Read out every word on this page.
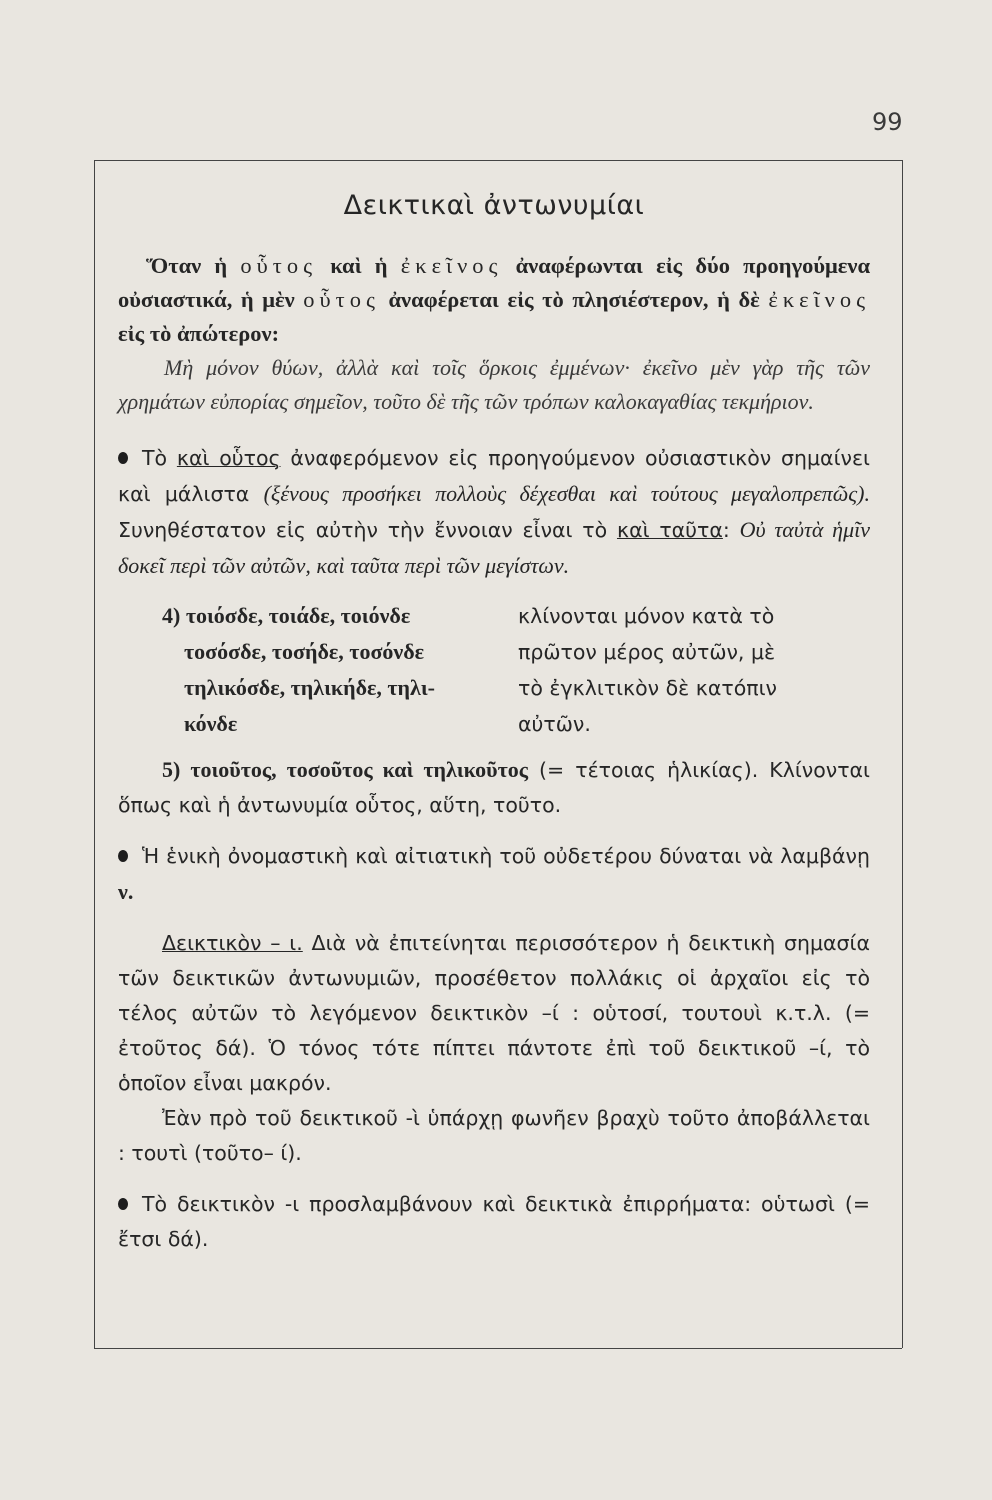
99
Δεικτικαὶ ἀντωνυμίαι

Ὅταν ἡ οὗτος καὶ ἡ ἐκεῖνος ἀναφέρωνται εἰς δύο προηγούμενα οὐσιαστικά, ἡ μὲν οὗτος ἀναφέρεται εἰς τὸ πλησιέστερον, ἡ δὲ ἐκεῖνος εἰς τὸ ἀπώτερον:

Μὴ μόνον θύων, ἀλλὰ καὶ τοῖς ὅρκοις ἐμμένων· ἐκεῖνο μὲν γὰρ τῆς τῶν χρημάτων εὐπορίας σημεῖον, τοῦτο δὲ τῆς τῶν τρόπων καλοκαγαθίας τεκμήριον.

Τὸ καὶ οὗτος ἀναφερόμενον εἰς προηγούμενον οὐσιαστικὸν σημαίνει καὶ μάλιστα (ξένους προσήκει πολλοὺς δέχεσθαι καὶ τούτους μεγαλοπρεπῶς). Συνηθέστατον εἰς αὐτὴν τὴν ἔννοιαν εἶναι τὸ καὶ ταῦτα: Οὐ ταὐτὰ ἡμῖν δοκεῖ περὶ τῶν αὐτῶν, καὶ ταῦτα περὶ τῶν μεγίστων.

4) τοιόσδε, τοιάδε, τοιόνδε
τοσόσδε, τοσήδε, τοσόνδε
τηλικόσδε, τηλικήδε, τηλι-
κόνδε
κλίνονται μόνον κατὰ τὸ
πρῶτον μέρος αὐτῶν, μὲ
τὸ ἐγκλιτικὸν δὲ κατόπιν
αὐτῶν.

5) τοιοῦτος, τοσοῦτος καὶ τηλικοῦτος (= τέτοιας ἡλικίας). Κλίνονται ὅπως καὶ ἡ ἀντωνυμία οὗτος, αὕτη, τοῦτο.

Ἡ ἑνικὴ ὀνομαστικὴ καὶ αἰτιατικὴ τοῦ οὐδετέρου δύναται νὰ λαμβάνῃ ν.

Δεικτικὸν – ι. Διὰ νὰ ἐπιτείνηται περισσότερον ἡ δεικτικὴ σημασία τῶν δεικτικῶν ἀντωνυμιῶν, προσέθετον πολλάκις οἱ ἀρχαῖοι εἰς τὸ τέλος αὐτῶν τὸ λεγόμενον δεικτικὸν –ί : οὑτοσί, τουτουὶ κ.τ.λ. (= ἐτοῦτος δά). Ὁ τόνος τότε πίπτει πάντοτε ἐπὶ τοῦ δεικτικοῦ –ί, τὸ ὁποῖον εἶναι μακρόν.

Ἐὰν πρὸ τοῦ δεικτικοῦ -ὶ ὑπάρχῃ φωνῆεν βραχὺ τοῦτο ἀποβάλλεται : τουτὶ (τοῦτο– ί).

Τὸ δεικτικὸν -ι προσλαμβάνουν καὶ δεικτικὰ ἐπιρρήματα: οὑτωσὶ (= ἔτσι δά).
